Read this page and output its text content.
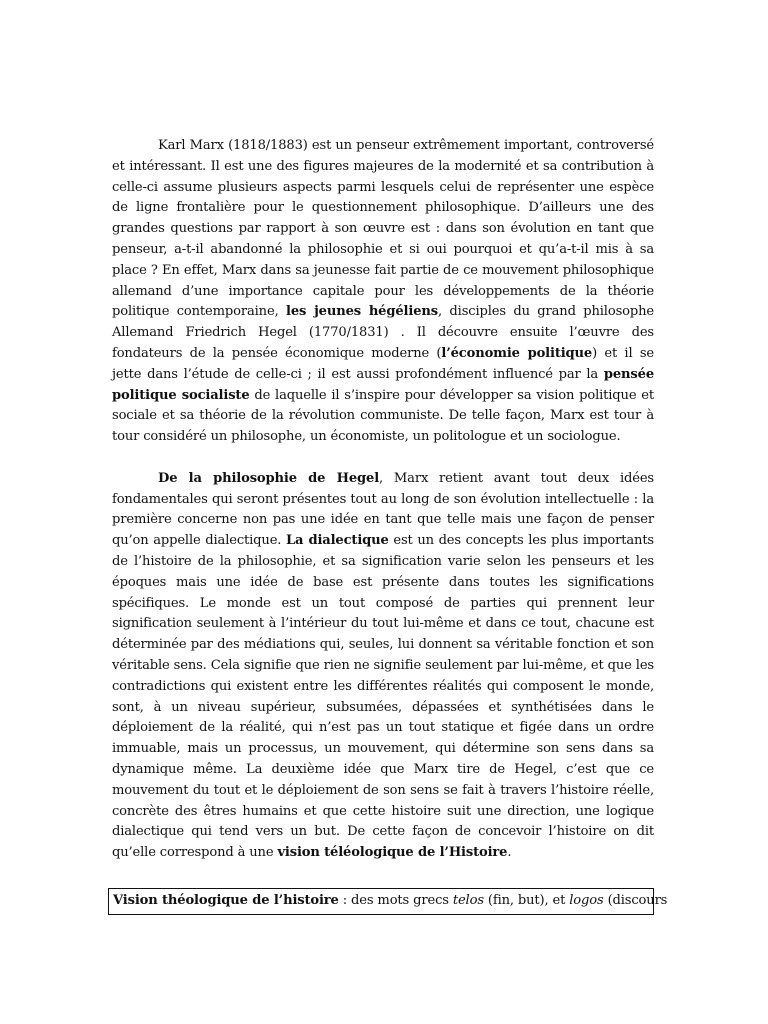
Karl Marx (1818/1883) est un penseur extrêmement important, controversé et intéressant. Il est une des figures majeures de la modernité et sa contribution à celle-ci assume plusieurs aspects parmi lesquels celui de représenter une espèce de ligne frontalière pour le questionnement philosophique. D’ailleurs une des grandes questions par rapport à son œuvre est : dans son évolution en tant que penseur, a-t-il abandonné la philosophie et si oui pourquoi et qu’a-t-il mis à sa place ? En effet, Marx dans sa jeunesse fait partie de ce mouvement philosophique allemand d’une importance capitale pour les développements de la théorie politique contemporaine, les jeunes hégéliens, disciples du grand philosophe Allemand Friedrich Hegel (1770/1831) . Il découvre ensuite l’œuvre des fondateurs de la pensée économique moderne (l’économie politique) et il se jette dans l’étude de celle-ci ; il est aussi profondément influencé par la pensée politique socialiste de laquelle il s’inspire pour développer sa vision politique et sociale et sa théorie de la révolution communiste. De telle façon, Marx est tour à tour considéré un philosophe, un économiste, un politologue et un sociologue.

De la philosophie de Hegel, Marx retient avant tout deux idées fondamentales qui seront présentes tout au long de son évolution intellectuelle : la première concerne non pas une idée en tant que telle mais une façon de penser qu’on appelle dialectique. La dialectique est un des concepts les plus importants de l’histoire de la philosophie, et sa signification varie selon les penseurs et les époques mais une idée de base est présente dans toutes les significations spécifiques. Le monde est un tout composé de parties qui prennent leur signification seulement à l’intérieur du tout lui-même et dans ce tout, chacune est déterminée par des médiations qui, seules, lui donnent sa véritable fonction et son véritable sens. Cela signifie que rien ne signifie seulement par lui-même, et que les contradictions qui existent entre les différentes réalités qui composent le monde, sont, à un niveau supérieur, subsumées, dépassées et synthétisées dans le déploiement de la réalité, qui n’est pas un tout statique et figée dans un ordre immuable, mais un processus, un mouvement, qui détermine son sens dans sa dynamique même. La deuxième idée que Marx tire de Hegel, c’est que ce mouvement du tout et le déploiement de son sens se fait à travers l’histoire réelle, concrète des êtres humains et que cette histoire suit une direction, une logique dialectique qui tend vers un but. De cette façon de concevoir l’histoire on dit qu’elle correspond à une vision téléologique de l’Histoire.

Vision théologique de l’histoire : des mots grecs telos (fin, but), et logos (discours
